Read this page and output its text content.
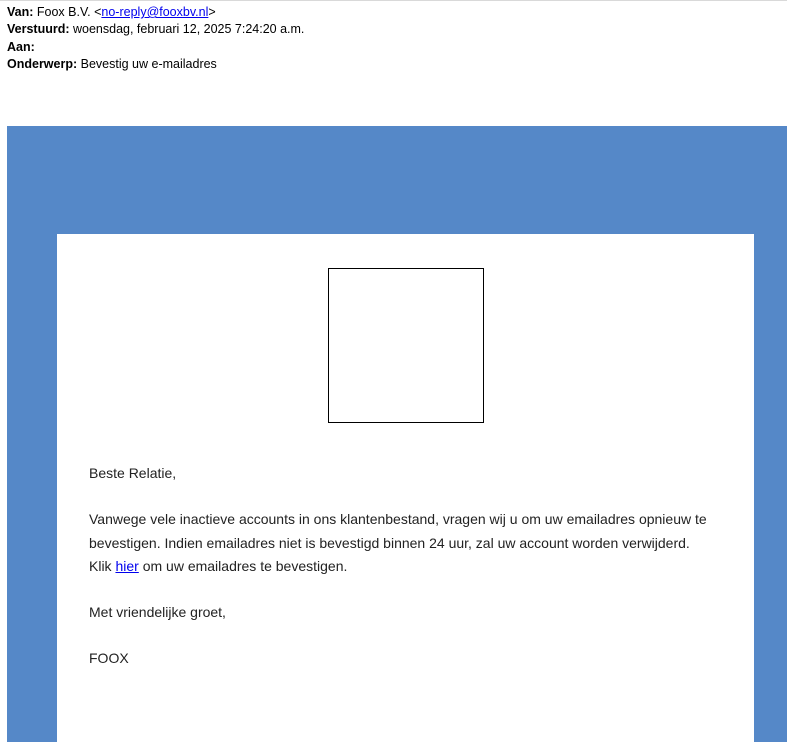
Van: Foox B.V. <no-reply@fooxbv.nl>
Verstuurd: woensdag, februari 12, 2025 7:24:20 a.m.
Aan:
Onderwerp: Bevestig uw e-mailadres

Beste Relatie,

Vanwege vele inactieve accounts in ons klantenbestand, vragen wij u om uw emailadres opnieuw te bevestigen. Indien emailadres niet is bevestigd binnen 24 uur, zal uw account worden verwijderd.

Klik hier om uw emailadres te bevestigen.

Met vriendelijke groet,

FOOX
